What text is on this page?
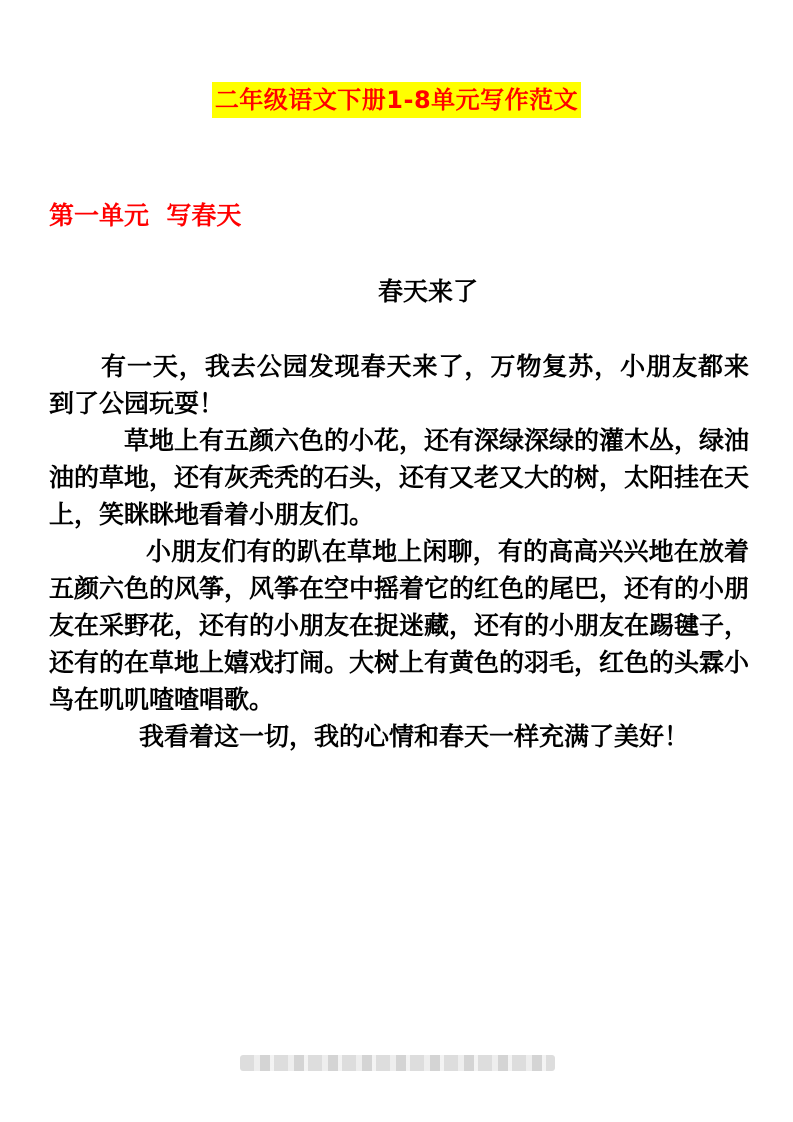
二年级语文下册1-8单元写作范文
第一单元  写春天
春天来了

有一天，我去公园发现春天来了，万物复苏，小朋友都来到了公园玩耍！

草地上有五颜六色的小花，还有深绿深绿的灌木丛，绿油油的草地，还有灰秃秃的石头，还有又老又大的树，太阳挂在天上，笑眯眯地看着小朋友们。

小朋友们有的趴在草地上闲聊，有的高高兴兴地在放着五颜六色的风筝，风筝在空中摇着它的红色的尾巴，还有的小朋友在采野花，还有的小朋友在捉迷藏，还有的小朋友在踢毽子，还有的在草地上嬉戏打闹。大树上有黄色的羽毛，红色的头霖小鸟在叽叽喳喳唱歌。

我看着这一切，我的心情和春天一样充满了美好！
